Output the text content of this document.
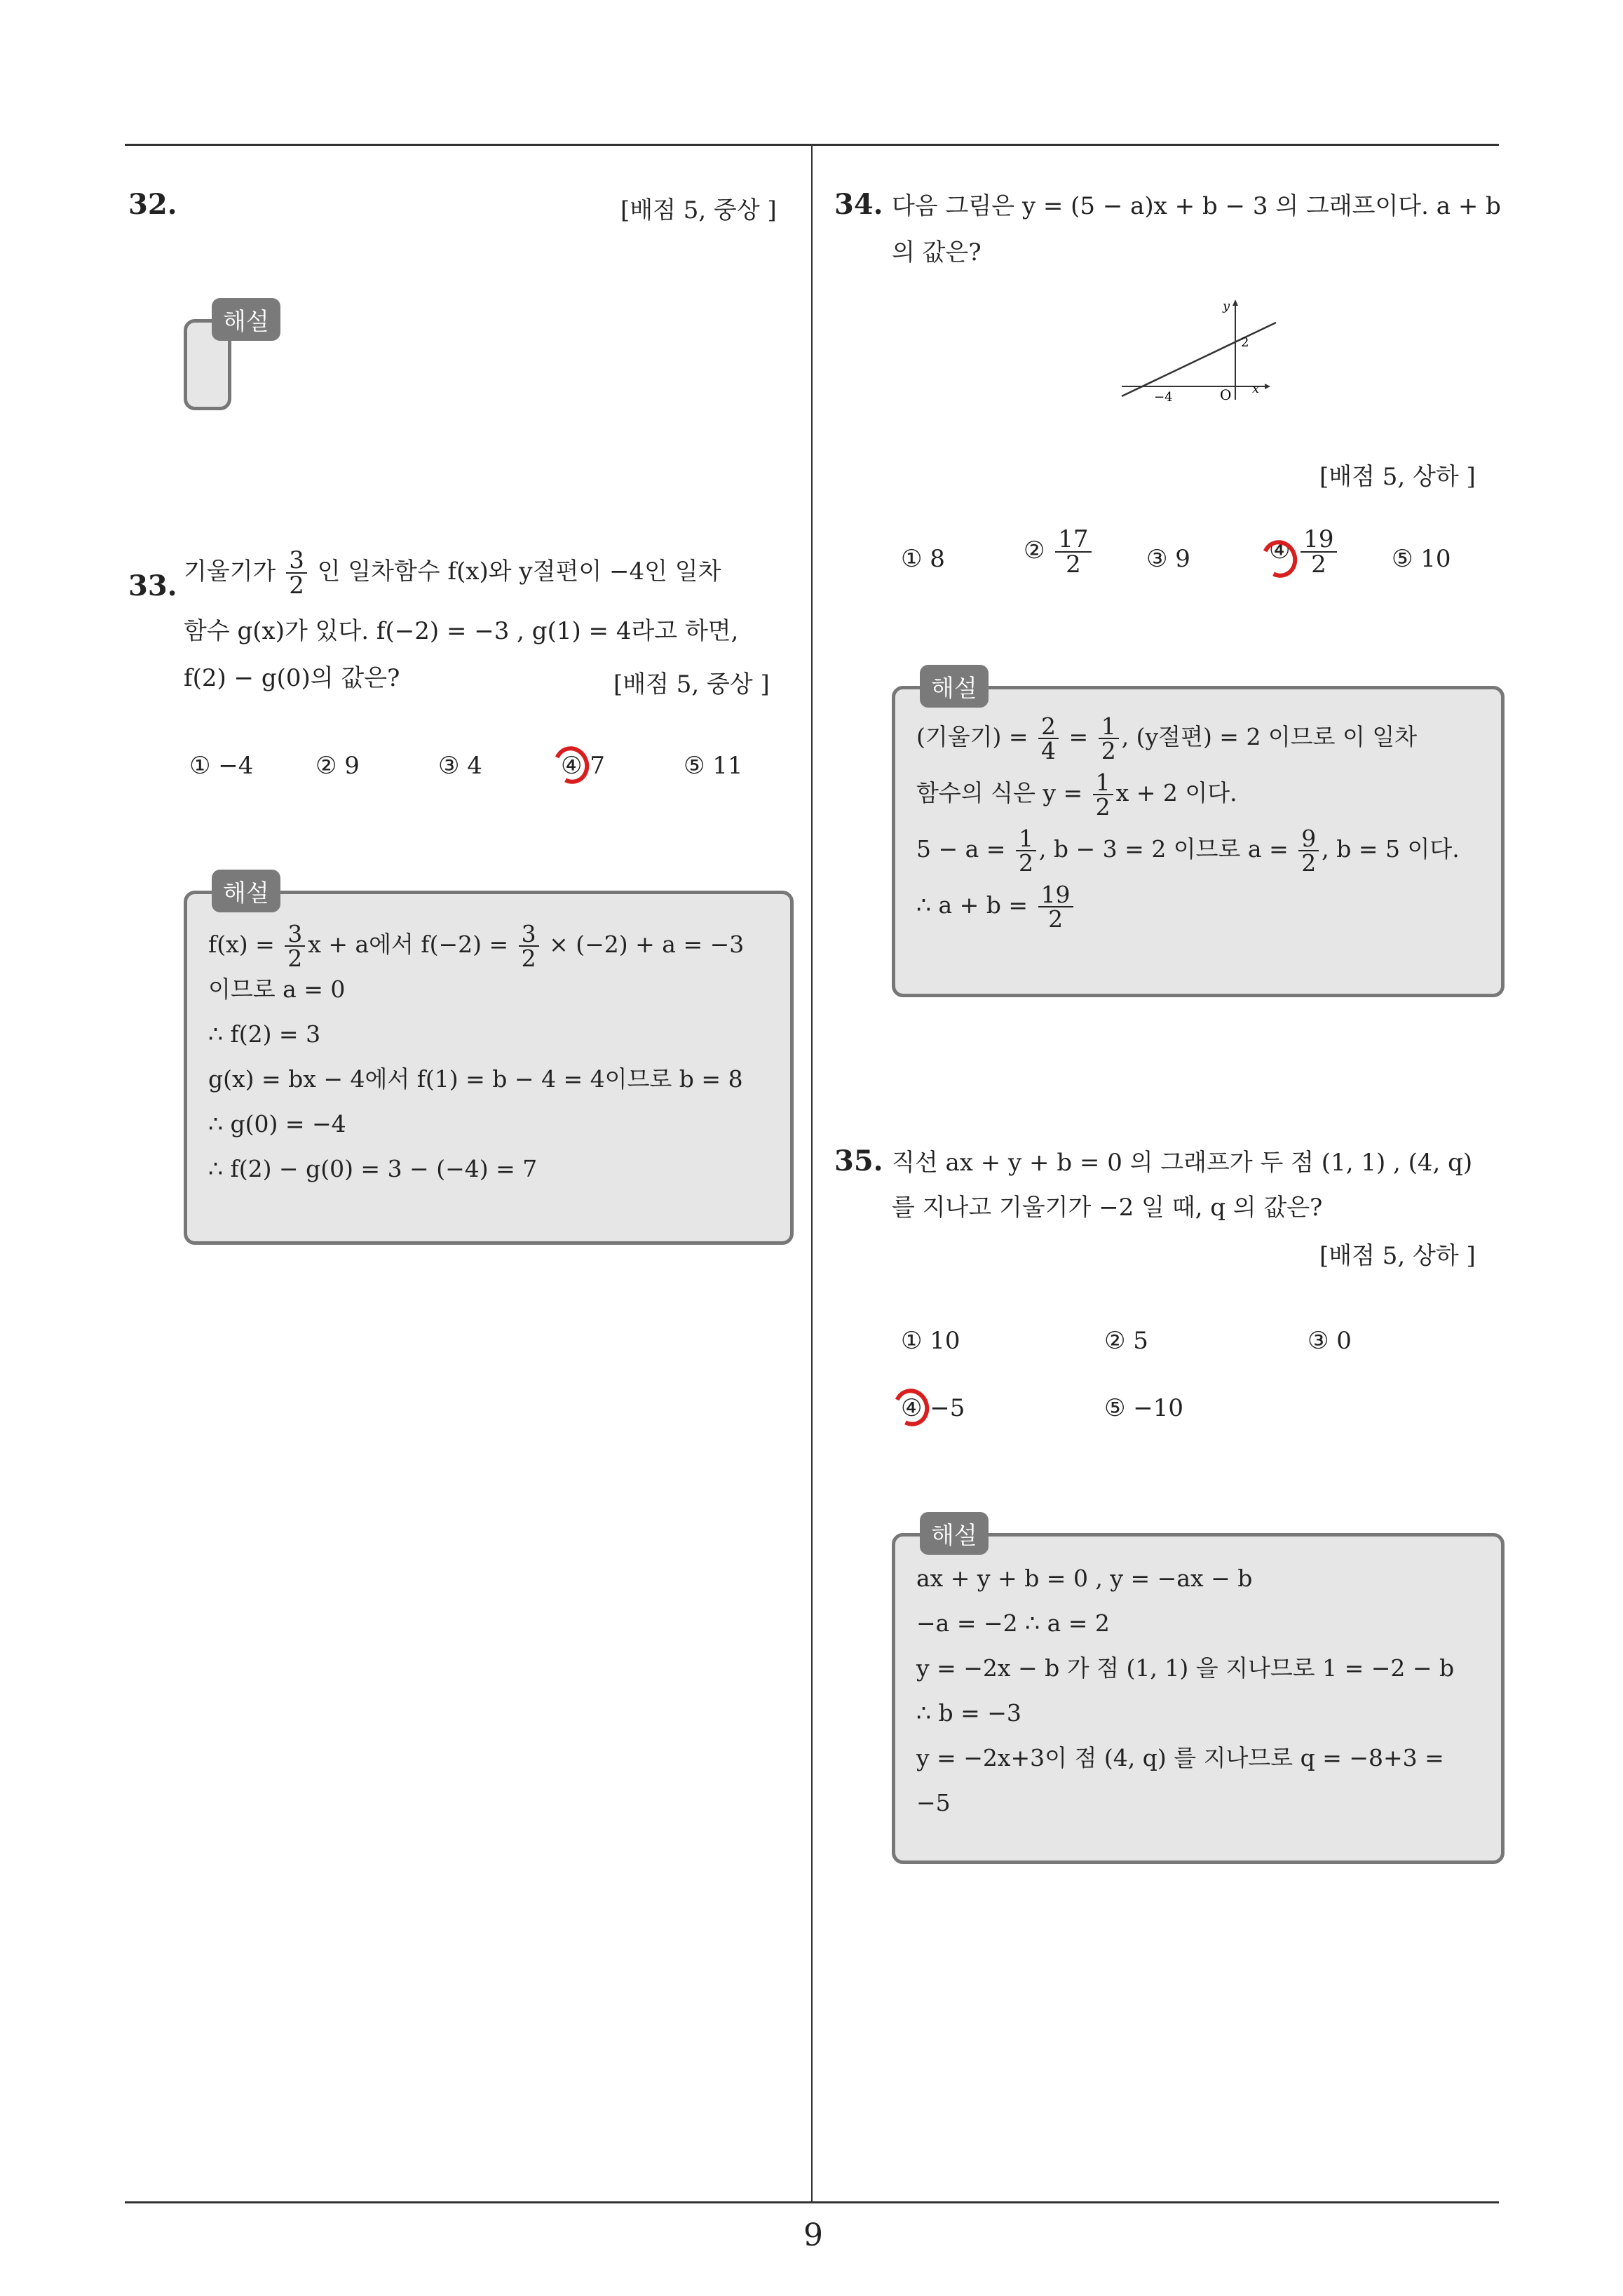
32.	[배점 5, 중상 ]
해설
33. 기울기가 $\frac{3}{2}$ 인 일차함수 f(x)와 y절편이 −4인 일차
함수 g(x)가 있다. f(−2) = −3 , g(1) = 4라고 하면,
f(2) − g(0)의 값은?	[배점 5, 중상 ]
① −4	② 9	③ 4	④ 7	⑤ 11
$f(x) = \frac{3}{2}$ x + a에서 $f(-2) = \frac{3}{2} \times (-2) + a = -3$
이므로 a = 0
∴ f(2) = 3
g(x) = bx − 4에서 f(1) = b − 4 = 4이므로 b = 8
∴ g(0) = −4
∴ f(2) − g(0) = 3 − (−4) = 7
해설
34. 다음 그림은 y = (5 − a)x + b − 3 의 그래프이다. a + b
의 값은?
y
x
2
−4	O
[배점 5, 상하 ]
① 8	② $\frac{17}{2}$ ③ 9	④ $\frac{19}{2}$ ⑤ 10
(기울기) = $\frac{2}{4} = \frac{1}{2}$ , (y절편) = 2 이므로 이 일차
함수의 식은 $y = \frac{1}{2}$ x + 2 이다.
$5 - a = \frac{1}{2}$ , b − 3 = 2 이므로 $a = \frac{9}{2}$ , b = 5 이다.
∴ $a + b = \frac{19}{2}$
해설
35. 직선 ax + y + b = 0 의 그래프가 두 점 (1, 1) , (4, q)
를 지나고 기울기가 −2 일 때, q 의 값은?
[배점 5, 상하 ]
① 10	② 5	③ 0
④ −5	⑤ −10
ax + y + b = 0 , y = −ax − b
−a = −2 ∴ a = 2
y = −2x − b 가 점 (1, 1) 을 지나므로 1 = −2 − b
∴ b = −3
y = −2x+3이 점 (4, q) 를 지나므로 q = −8+3 =
−5
해설
9
